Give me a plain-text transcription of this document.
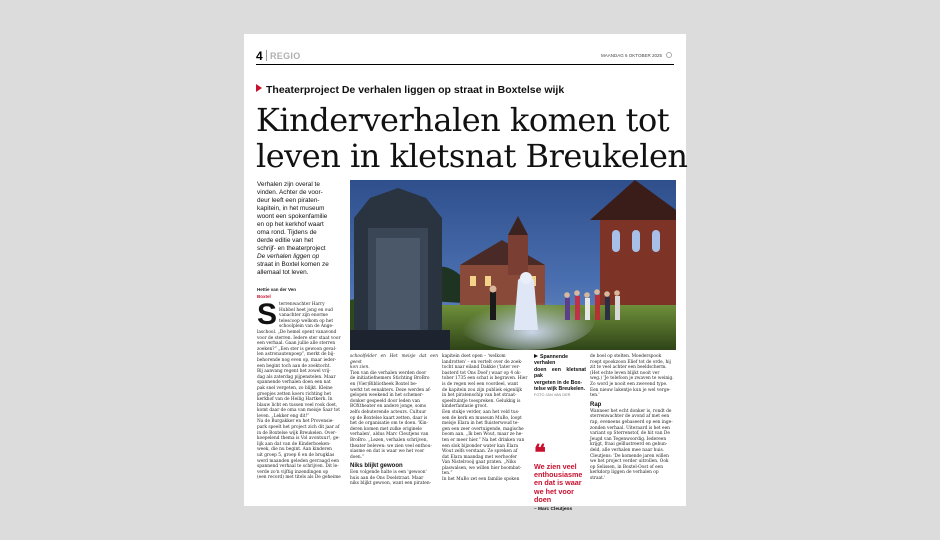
4 REGIO	MAANDAG 6 OKTOBER 2025
Theaterproject De verhalen liggen op straat in Boxtelse wijk
Kinderverhalen komen tot
leven in kletsnat Breukelen
Verhalen zijn overal te
vinden. Achter de voor-
deur leeft een piraten-
kapitein, in het museum
woont een spokenfamilie
en op het kerkhof waart
oma rond. Tijdens de
derde editie van het
schrijf- en theaterproject
De verhalen liggen op
straat in Boxtel komen ze
allemaal tot leven.
Hettie van der Ven
Boxtel
S terrenwachter Harry
Hubbel heet jong en oud
vanachter zijn enorme
telescoop welkom op het
schoolplein van de Ange-
laschool. „De hemel opent vanavond
voor de sterren. Iedere ster staat voor
een verhaal. Gaan jullie alle sterren
zoeken?” „Een ster is gewoon geval-
len astronautenpoep”, merkt de bij-
behorende nog even op, maar ieder-
een begint toch aan de zoektocht.
Bij aanvang regent het zowel vrij-
dag als zaterdag pijpenstelen. Maar
spannende verhalen doen een nat
pak snel vergeten, zo blijkt. Kleine
groepjes zetten koers richting het
kerkhof van de Heilig Hartkerk. In
blauw licht en tussen veel rook doet,
komt daar de oma van meisje Saar tot
leven. „Lekker eng dit!”
Na de Burgakker en het Provensie-
park speelt het project zich dit jaar af
in de Boxtelse wijk Breukelen. Over-
koepelend thema is Vol avontuur!, ge-
lijk aan dat van de Kinderboeken-
week, die nu begint. Aan kinderen
uit groep 5, groep 6 en de brugklas
werd maanden geleden gevraagd een
spannend verhaal te schrijven. Dit le-
verde zo'n vijftig inzendingen op
(een record) met titels als De geheime
schoolfelder en Het meisje dat een geest
kon zien.
Tien van die verhalen werden door
de initiatiefnemers Stichting BroBro
en (Vier)Bibliotheek Boxtel be-
werkt tot eenakters. Deze werden af-
gelopen weekend in het schemer-
donker gespeeld door leden van
BOXtheater en andere jonge, soms
zelfs debuterende acteurs. Cultuur
op de Boxtelse kaart zetten, daar is
het de organisatie om te doen. 'Kin-
deren komen met zulke originele
verhalen', aldus Marc Cleutjens van
BroBro. „Lezen, verhalen schrijven,
theater beleven: we zien veel enthou-
siasme en dat is waar we het voor
doen.”
Niks blijkt gewoon
Een volgende halte is een 'gewoon'
huis aan de Ons Doelstraat. Maar
niks blijkt gewoon, want een piraten-
kapitein doet open – 'welkom
landrotten' – en vertelt over de zoek-
tocht naar eiland Dakkie ('later ver-
basterd tot Ons Doel') waar op 4 ok-
tober 1735 een schat is begraven. Hier
is de regen wel een voordeel, want
de kapitein zou zijn publiek eigenlijk
in het piratenschip van het straat-
speeltuintje toespreken. Gelukkig is
kinderfantasie groot.
Een stukje verder, aan het veld tus-
sen de kerk en museum MuBo, loopt
meisje Elara in het fluisterwoud te-
gen een zeer overtuigende, magische
boom aan. „Ik ben Wout, maar ze he-
ten er meer hier.” Na het drinken van
een slok bijzonder water kan Elara
Wout zelfs verstaan. Ze spreken af
dat Elara maandag met werhoofer
Van Nistelrooij gaat praten. „Niks
plaswalsen, we willen hier boombat-
ten.”
In het MuBo zet een familie spoken
Spannende verhalen
doen een kletsnat pak
vergeten in de Box-
telse wijk Breukelen.
FOTO JAN VAN DER
❝
We zien veel
enthousiasme
en dat is waar
we het voor
doen
– Marc Cleutjens
de boel op stelten. Moederspook
roept spookzoon Elief tot de orde, hij
zit te veel achter een beeldscherm.
(Het echte leven blijkt nooit ver
weg.) 'Je telefoon je zwaven te weinig.
Zo word je nooit een zwevend type.
Een nieuw lakentje kun je wel verge-
ten.'
Rap
Wanneer het echt donker is, rondt de
sterrenwachter de avond af met een
rap, eveneens gebaseerd op een inge-
zonden verhaal. Uiteraard is het een
variant op Sterrenstof, de hit van De
Jeugd van Tegenwoordig. Iedereen
krijgt, fraai geïllustreerd en gebun-
deld, alle verhalen mee naar huis.
Cleutjens: 'De komende jaren willen
we het project verder uitrollen. Ook
op Selissen, in Boxtel-Oost of een
kerkdorp liggen de verhalen op
straat.'
